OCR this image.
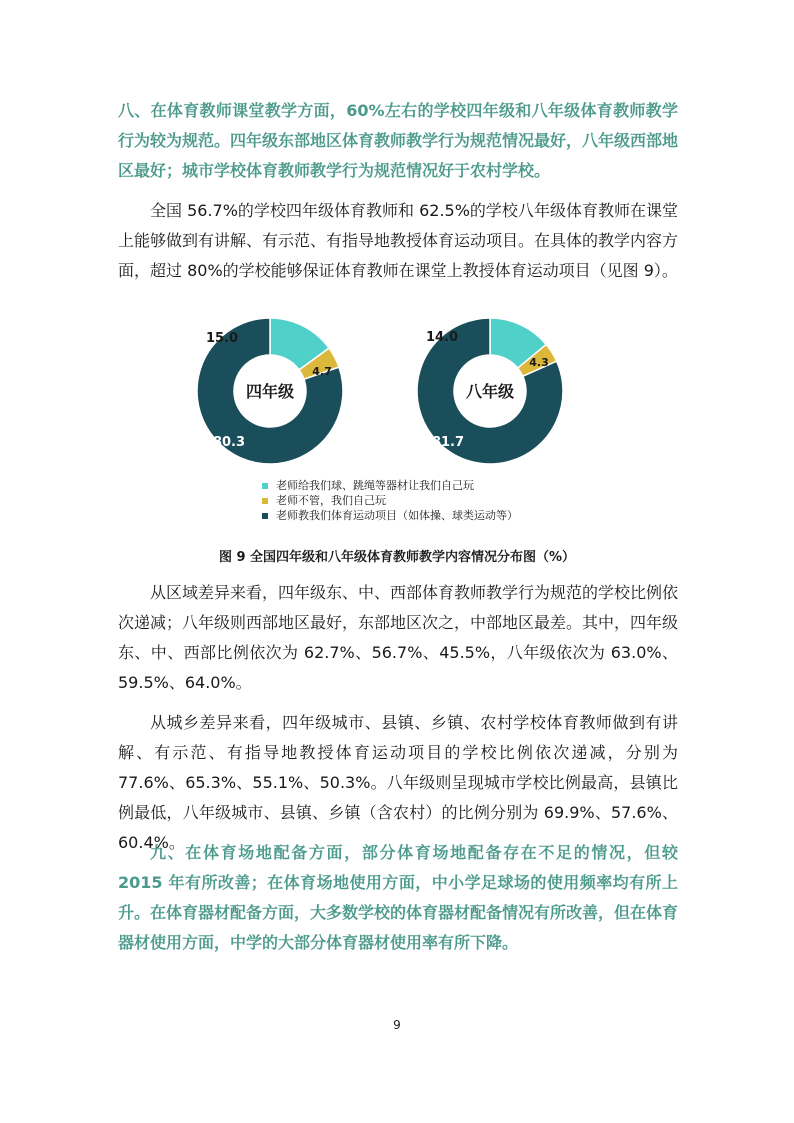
八、在体育教师课堂教学方面，60%左右的学校四年级和八年级体育教师教学行为较为规范。四年级东部地区体育教师教学行为规范情况最好，八年级西部地区最好；城市学校体育教师教学行为规范情况好于农村学校。

全国 56.7%的学校四年级体育教师和 62.5%的学校八年级体育教师在课堂上能够做到有讲解、有示范、有指导地教授体育运动项目。在具体的教学内容方面，超过 80%的学校能够保证体育教师在课堂上教授体育运动项目（见图 9）。

15.0
4.7
80.3
四年级
14.0
4.3
81.7
八年级
老师给我们球、跳绳等器材让我们自己玩
老师不管，我们自己玩
老师教我们体育运动项目（如体操、球类运动等）
图 9 全国四年级和八年级体育教师教学内容情况分布图（%）

从区域差异来看，四年级东、中、西部体育教师教学行为规范的学校比例依次递减；八年级则西部地区最好，东部地区次之，中部地区最差。其中，四年级东、中、西部比例依次为 62.7%、56.7%、45.5%，八年级依次为 63.0%、59.5%、64.0%。

从城乡差异来看，四年级城市、县镇、乡镇、农村学校体育教师做到有讲解、有示范、有指导地教授体育运动项目的学校比例依次递减，分别为 77.6%、65.3%、55.1%、50.3%。八年级则呈现城市学校比例最高，县镇比例最低，八年级城市、县镇、乡镇（含农村）的比例分别为 69.9%、57.6%、60.4%。

九、在体育场地配备方面，部分体育场地配备存在不足的情况，但较 2015 年有所改善；在体育场地使用方面，中小学足球场的使用频率均有所上升。在体育器材配备方面，大多数学校的体育器材配备情况有所改善，但在体育器材使用方面，中学的大部分体育器材使用率有所下降。

9
